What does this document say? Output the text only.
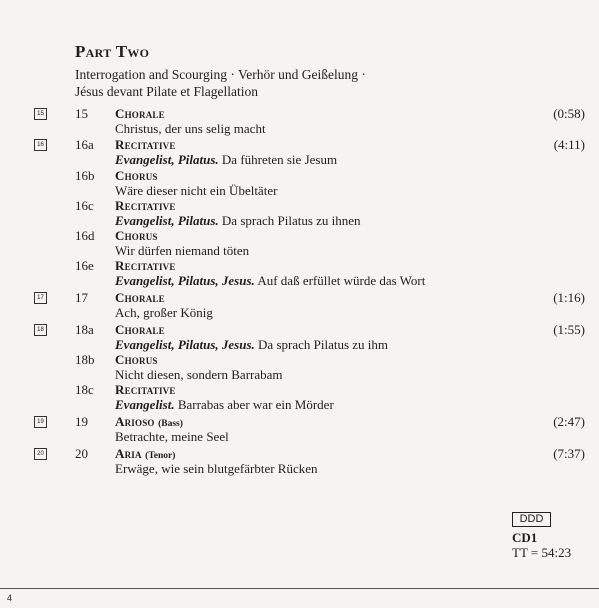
Part Two
Interrogation and Scourging · Verhör und Geißelung ·
Jésus devant Pilate et Flagellation
15 15 Chorale	(0:58)
Christus, der uns selig macht
16 16a Recitative	(4:11)
Evangelist, Pilatus. Da führeten sie Jesum
16b Chorus
Wäre dieser nicht ein Übeltäter
16c Recitative
Evangelist, Pilatus. Da sprach Pilatus zu ihnen
16d Chorus
Wir dürfen niemand töten
16e Recitative
Evangelist, Pilatus, Jesus. Auf daß erfüllet würde das Wort
17 17 Chorale	(1:16)
Ach, großer König
18 18a Chorale	(1:55)
Evangelist, Pilatus, Jesus. Da sprach Pilatus zu ihm
18b Chorus
Nicht diesen, sondern Barrabam
18c Recitative
Evangelist. Barrabas aber war ein Mörder
19 19 Arioso (Bass)	(2:47)
Betrachte, meine Seel
20 20 Aria (Tenor)	(7:37)
Erwäge, wie sein blutgefärbter Rücken
DDD
CD1
TT = 54:23
4
